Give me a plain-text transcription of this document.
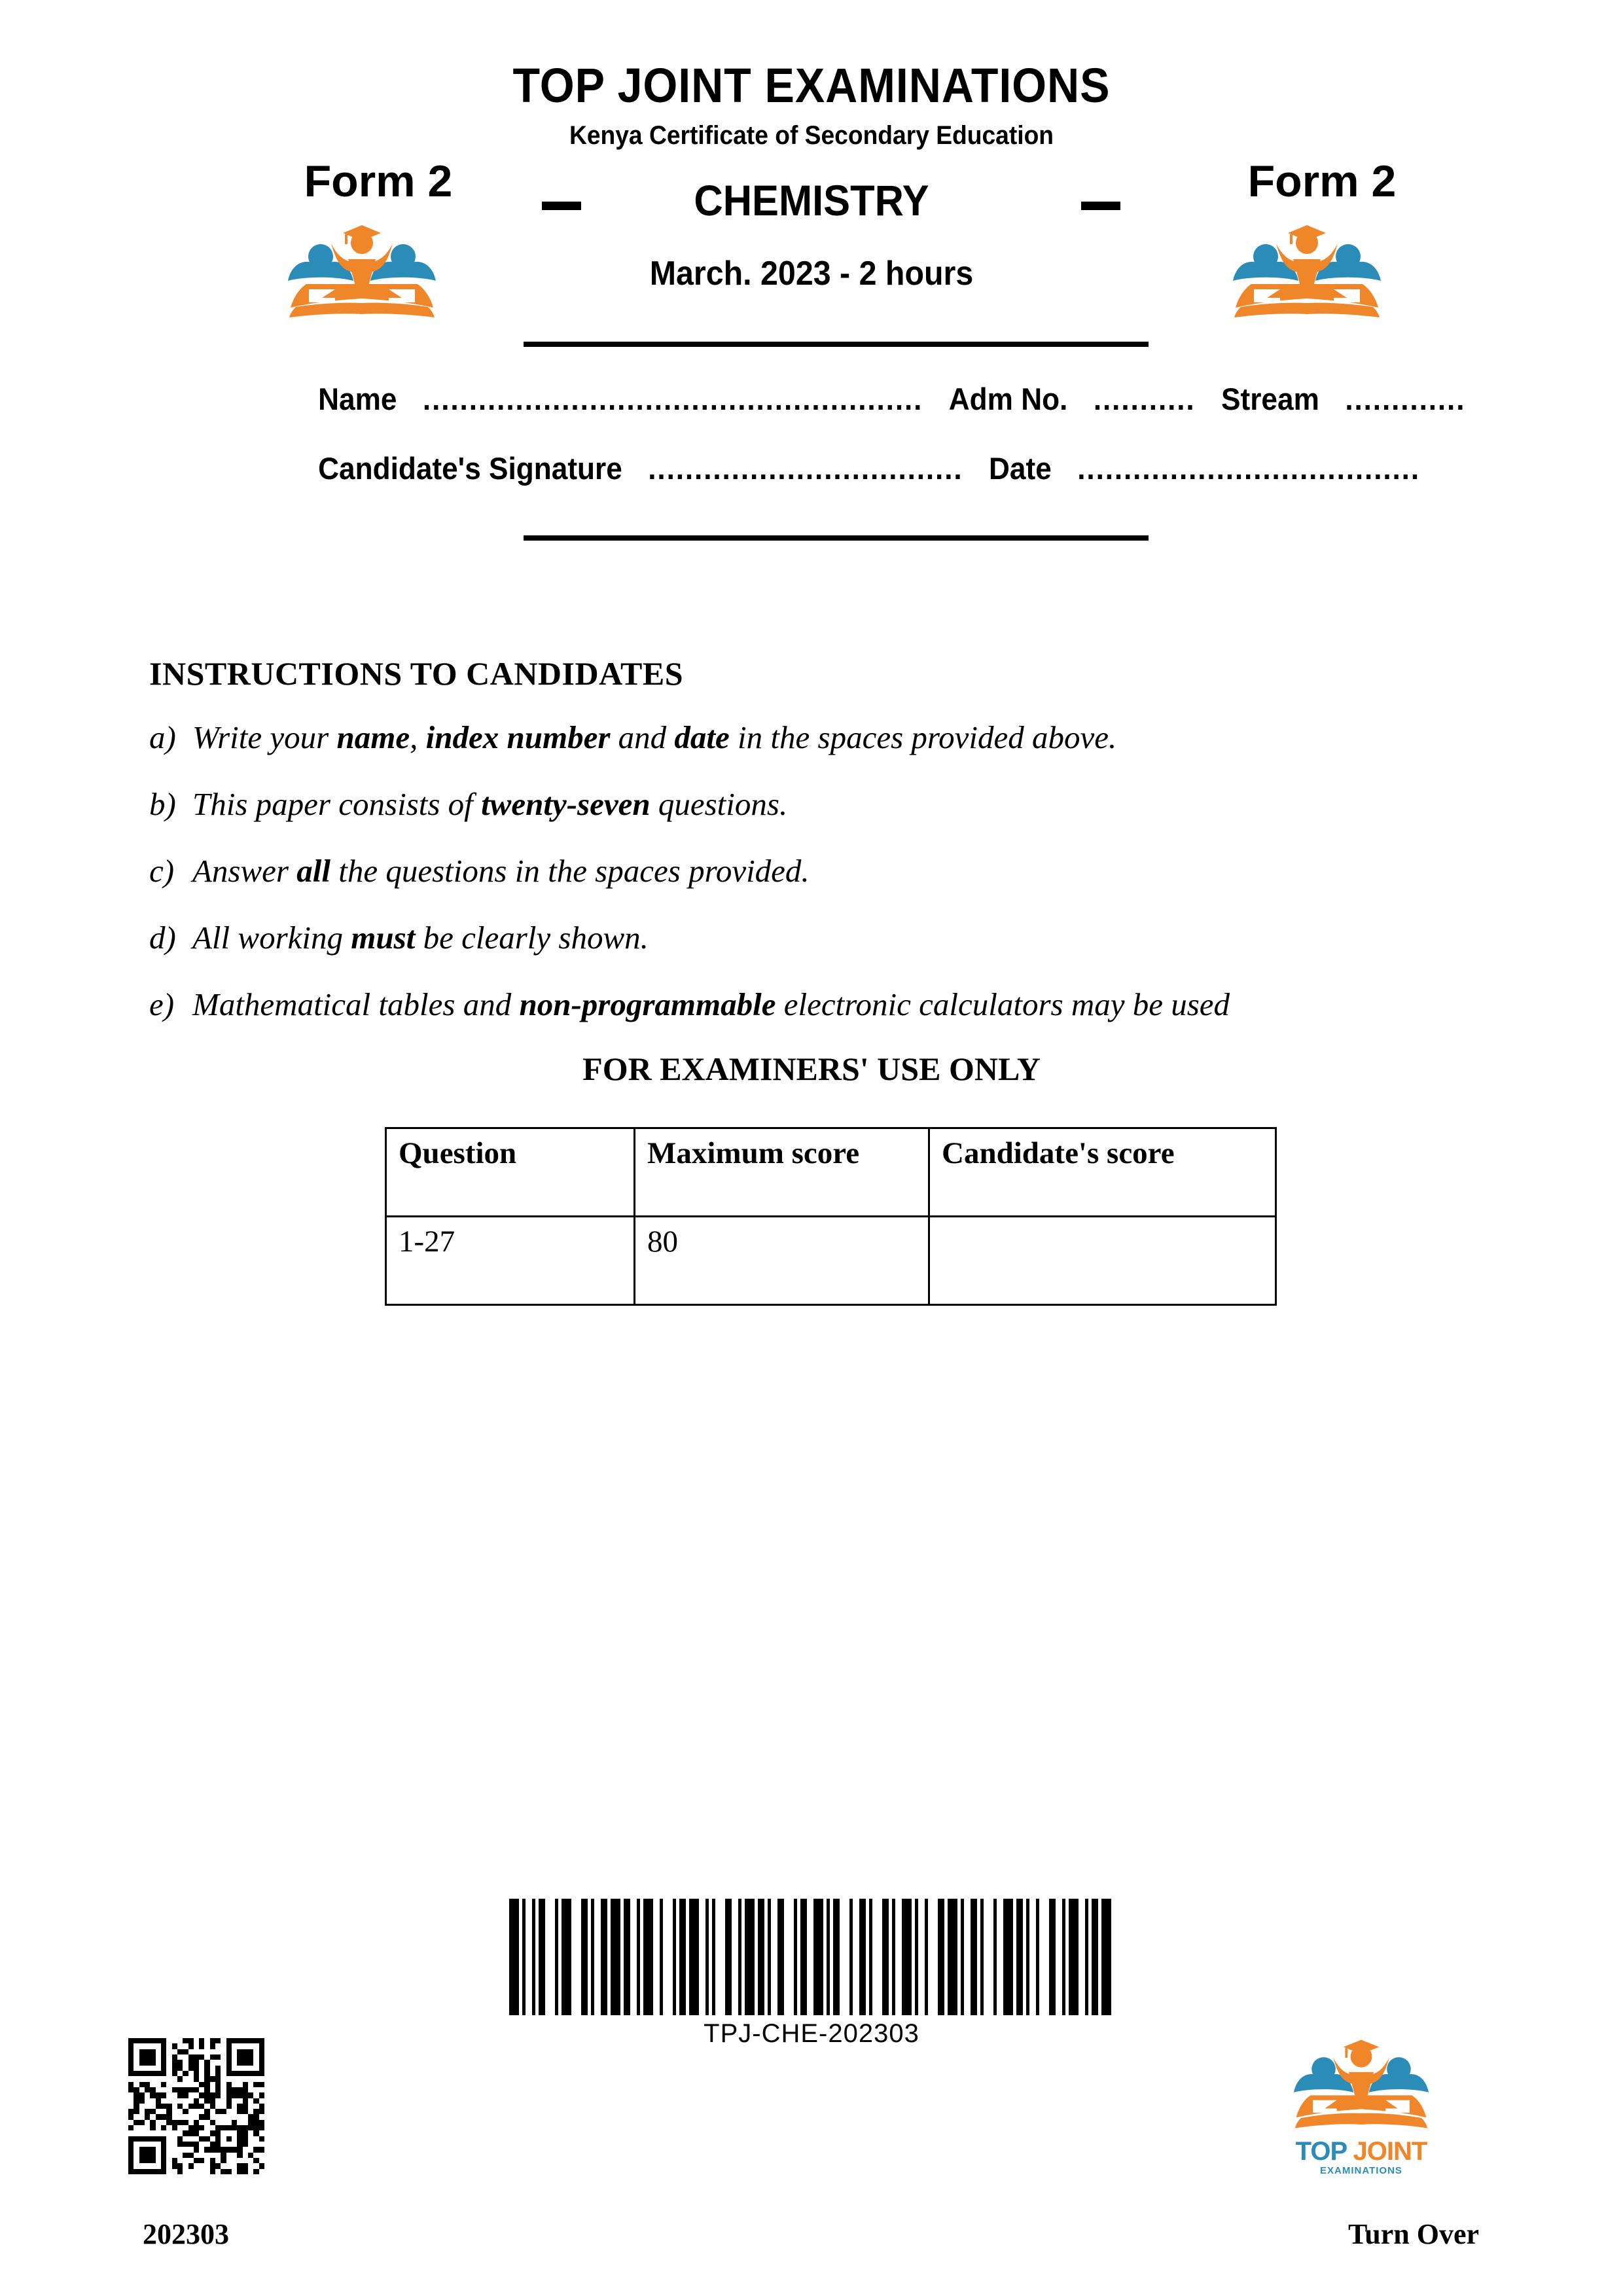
TOP JOINT EXAMINATIONS
Kenya Certificate of Secondary Education
Form 2	Form 2
CHEMISTRY
March. 2023 - 2 hours
Name ...................................................... Adm No. ........... Stream .............
Candidate's Signature .................................. Date .....................................
INSTRUCTIONS TO CANDIDATES
a) Write your name, index number and date in the spaces provided above.
b) This paper consists of twenty-seven questions.
c) Answer all the questions in the spaces provided.
d) All working must be clearly shown.
e) Mathematical tables and non-programmable electronic calculators may be used
FOR EXAMINERS' USE ONLY
Question	Maximum score	Candidate's score
1-27	80	
TPJ-CHE-202303
TOP JOINT
EXAMINATIONS
202303	Turn Over
